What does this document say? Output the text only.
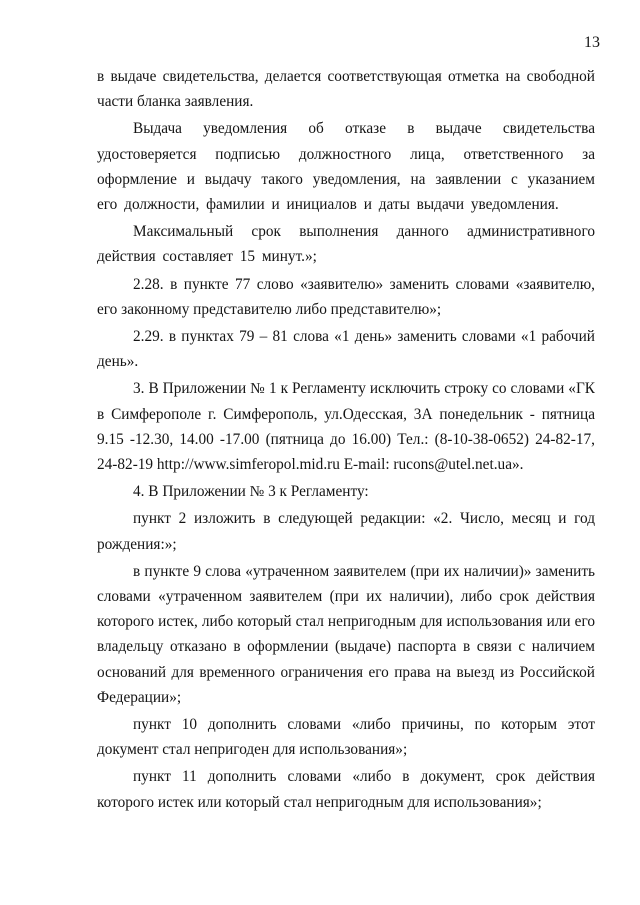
13

в выдаче свидетельства, делается соответствующая отметка на свободной части бланка заявления.

Выдача уведомления об отказе в выдаче свидетельства удостоверяется подписью должностного лица, ответственного за оформление и выдачу такого уведомления, на заявлении с указанием его должности, фамилии и инициалов и даты выдачи уведомления.

Максимальный срок выполнения данного административного действия составляет 15 минут.»;

2.28. в пункте 77 слово «заявителю» заменить словами «заявителю, его законному представителю либо представителю»;

2.29. в пунктах 79 – 81 слова «1 день» заменить словами «1 рабочий день».

3. В Приложении № 1 к Регламенту исключить строку со словами «ГК в Симферополе г. Симферополь, ул.Одесская, 3А понедельник - пятница 9.15 -12.30, 14.00 -17.00 (пятница до 16.00) Тел.: (8-10-38-0652) 24-82-17, 24-82-19 http://www.simferopol.mid.ru E-mail: rucons@utel.net.ua».

4. В Приложении № 3 к Регламенту:

пункт 2 изложить в следующей редакции: «2. Число, месяц и год рождения:»;

в пункте 9 слова «утраченном заявителем (при их наличии)» заменить словами «утраченном заявителем (при их наличии), либо срок действия которого истек, либо который стал непригодным для использования или его владельцу отказано в оформлении (выдаче) паспорта в связи с наличием оснований для временного ограничения его права на выезд из Российской Федерации»;

пункт 10 дополнить словами «либо причины, по которым этот документ стал непригоден для использования»;

пункт 11 дополнить словами «либо в документ, срок действия которого истек или который стал непригодным для использования»;
